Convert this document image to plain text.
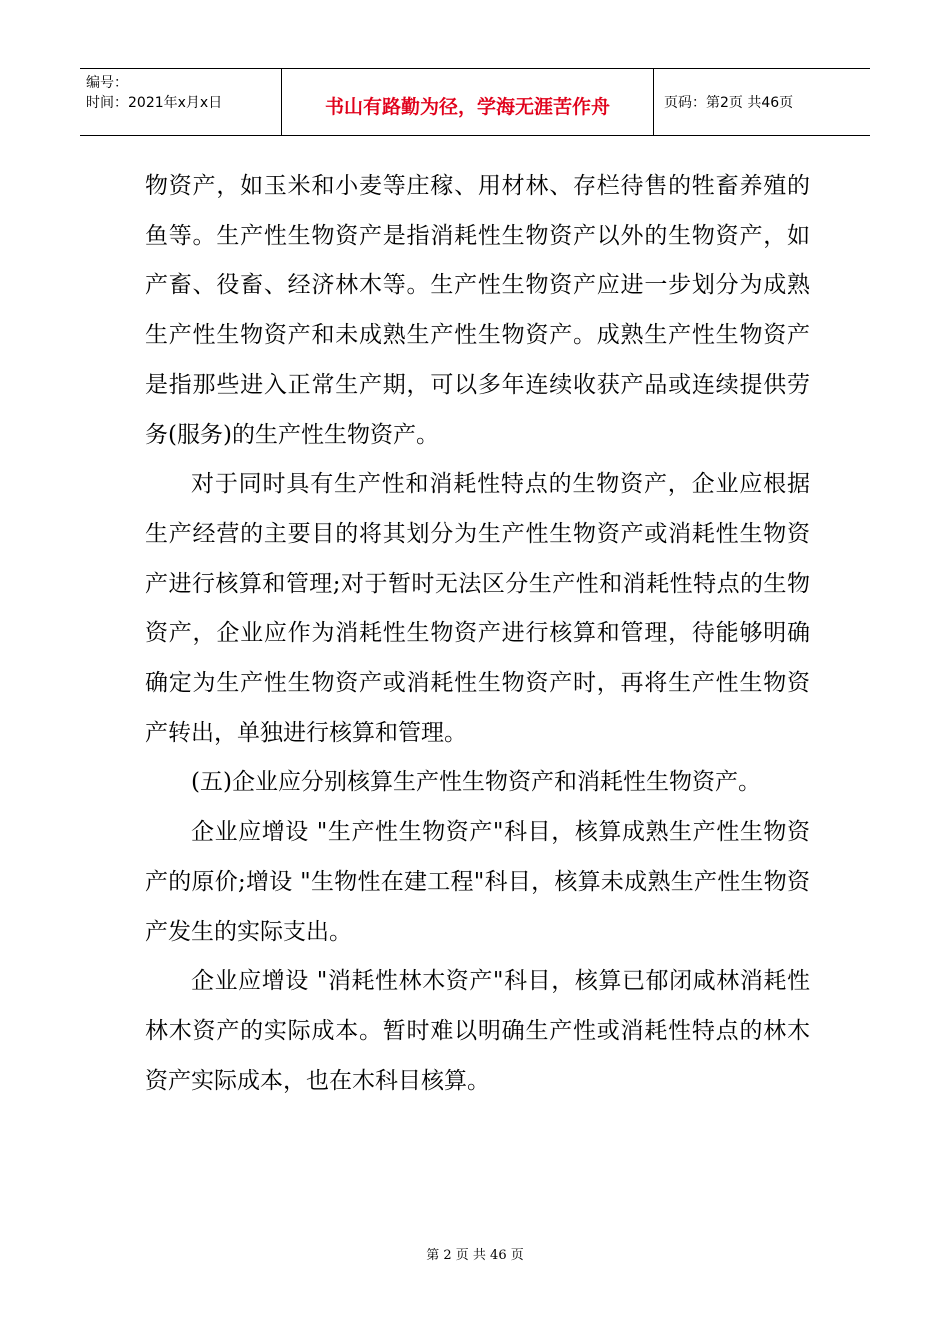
编号：
时间：2021年x月x日	书山有路勤为径，学海无涯苦作舟	页码：第2页 共46页

物资产，如玉米和小麦等庄稼、用材林、存栏待售的牲畜养殖的鱼等。生产性生物资产是指消耗性生物资产以外的生物资产，如产畜、役畜、经济林木等。生产性生物资产应进一步划分为成熟生产性生物资产和未成熟生产性生物资产。成熟生产性生物资产是指那些进入正常生产期，可以多年连续收获产品或连续提供劳务(服务)的生产性生物资产。

对于同时具有生产性和消耗性特点的生物资产，企业应根据生产经营的主要目的将其划分为生产性生物资产或消耗性生物资产进行核算和管理;对于暂时无法区分生产性和消耗性特点的生物资产，企业应作为消耗性生物资产进行核算和管理，待能够明确确定为生产性生物资产或消耗性生物资产时，再将生产性生物资产转出，单独进行核算和管理。

(五)企业应分别核算生产性生物资产和消耗性生物资产。

企业应增设 "生产性生物资产"科目，核算成熟生产性生物资产的原价;增设 "生物性在建工程"科目，核算未成熟生产性生物资产发生的实际支出。

企业应增设 "消耗性林木资产"科目，核算已郁闭咸林消耗性林木资产的实际成本。暂时难以明确生产性或消耗性特点的林木资产实际成本，也在木科目核算。

第 2 页 共 46 页
